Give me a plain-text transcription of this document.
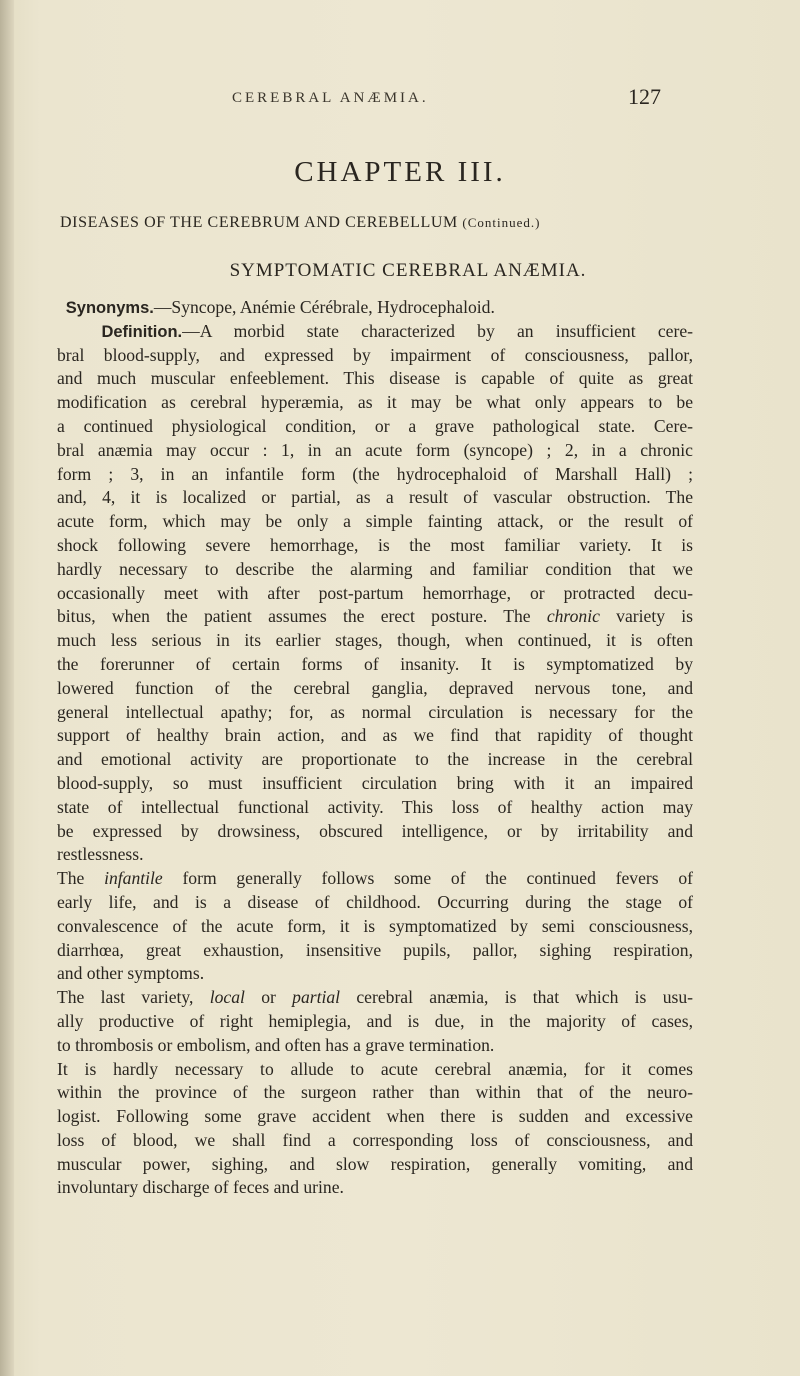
CEREBRAL ANÆMIA.	127
CHAPTER III.
DISEASES OF THE CEREBRUM AND CEREBELLUM (Continued.)
SYMPTOMATIC CEREBRAL ANÆMIA.
Synonyms.—Syncope, Anémie Cérébrale, Hydrocephaloid.
Definition.—A morbid state characterized by an insufficient cere-
bral blood-supply, and expressed by impairment of consciousness, pallor,
and much muscular enfeeblement. This disease is capable of quite as great
modification as cerebral hyperæmia, as it may be what only appears to be
a continued physiological condition, or a grave pathological state. Cere-
bral anæmia may occur : 1, in an acute form (syncope) ; 2, in a chronic
form ; 3, in an infantile form (the hydrocephaloid of Marshall Hall) ;
and, 4, it is localized or partial, as a result of vascular obstruction. The
acute form, which may be only a simple fainting attack, or the result of
shock following severe hemorrhage, is the most familiar variety. It is
hardly necessary to describe the alarming and familiar condition that we
occasionally meet with after post-partum hemorrhage, or protracted decu-
bitus, when the patient assumes the erect posture. The chronic variety is
much less serious in its earlier stages, though, when continued, it is often
the forerunner of certain forms of insanity. It is symptomatized by
lowered function of the cerebral ganglia, depraved nervous tone, and
general intellectual apathy; for, as normal circulation is necessary for the
support of healthy brain action, and as we find that rapidity of thought
and emotional activity are proportionate to the increase in the cerebral
blood-supply, so must insufficient circulation bring with it an impaired
state of intellectual functional activity. This loss of healthy action may
be expressed by drowsiness, obscured intelligence, or by irritability and
restlessness.
The infantile form generally follows some of the continued fevers of
early life, and is a disease of childhood. Occurring during the stage of
convalescence of the acute form, it is symptomatized by semi consciousness,
diarrhœa, great exhaustion, insensitive pupils, pallor, sighing respiration,
and other symptoms.
The last variety, local or partial cerebral anæmia, is that which is usu-
ally productive of right hemiplegia, and is due, in the majority of cases,
to thrombosis or embolism, and often has a grave termination.
It is hardly necessary to allude to acute cerebral anæmia, for it comes
within the province of the surgeon rather than within that of the neuro-
logist. Following some grave accident when there is sudden and excessive
loss of blood, we shall find a corresponding loss of consciousness, and
muscular power, sighing, and slow respiration, generally vomiting, and
involuntary discharge of feces and urine.
